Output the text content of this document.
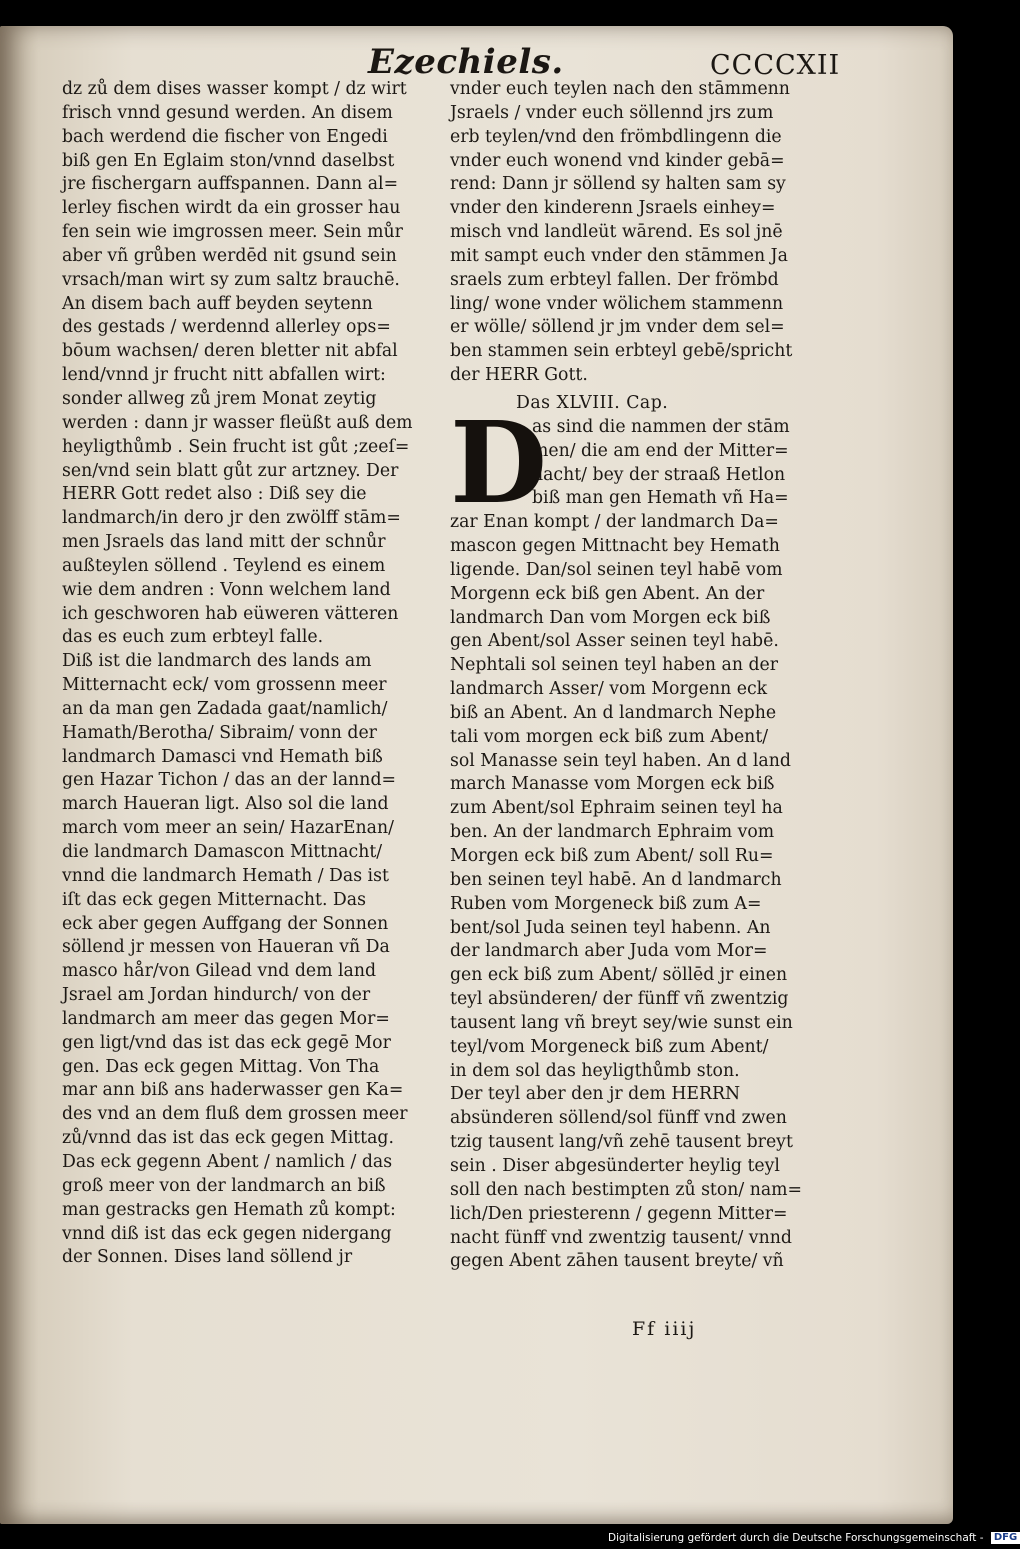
Ezechiels.	CCCCXII
dz zů dem dises wasser kompt / dz wirt
frisch vnnd gesund werden. An disem
bach werdend die fischer von Engedi
biß gen En Eglaim ston/vnnd daselbst
jre fischergarn auffspannen. Dann al=
lerley fischen wirdt da ein grosser hau
fen sein wie imgrossen meer. Sein můr
aber vñ grůben werdēd nit gsund sein
vrsach/man wirt sy zum saltz brauchē.
An disem bach auff beyden seytenn
des gestads / werdennd allerley ops=
bōum wachsen/ deren bletter nit abfal
lend/vnnd jr frucht nitt abfallen wirt:
sonder allweg zů jrem Monat zeytig
werden : dann jr wasser fleüßt auß dem
heyligthůmb . Sein frucht ist gůt ;zeeſ=
sen/vnd sein blatt gůt zur artzney. Der
HERR Gott redet also : Diß sey die
landmarch/in dero jr den zwölff stām=
men Jsraels das land mitt der schnůr
außteylen söllend . Teylend es einem
wie dem andren : Vonn welchem land
ich geschworen hab eüweren vätteren
das es euch zum erbteyl falle.
Diß ist die landmarch des lands am
Mitternacht eck/ vom grossenn meer
an da man gen Zadada gaat/namlich/
Hamath/Berotha/ Sibraim/ vonn der
landmarch Damasci vnd Hemath biß
gen Hazar Tichon / das an der lannd=
march Haueran ligt. Also sol die land
march vom meer an sein/ HazarEnan/
die landmarch Damascon Mittnacht/
vnnd die landmarch Hemath / Das ist
iſt das eck gegen Mitternacht. Das
eck aber gegen Auffgang der Sonnen
söllend jr messen von Haueran vñ Da
masco hår/von Gilead vnd dem land
Jsrael am Jordan hindurch/ von der
landmarch am meer das gegen Mor=
gen ligt/vnd das ist das eck gegē Mor
gen. Das eck gegen Mittag. Von Tha
mar ann biß ans haderwasser gen Ka=
des vnd an dem fluß dem grossen meer
zů/vnnd das ist das eck gegen Mittag.
Das eck gegenn Abent / namlich / das
groß meer von der landmarch an biß
man gestracks gen Hemath zů kompt:
vnnd diß ist das eck gegen nidergang
der Sonnen. Dises land söllend jr
vnder euch teylen nach den stāmmenn
Jsraels / vnder euch söllennd jrs zum
erb teylen/vnd den frömbdlingenn die
vnder euch wonend vnd kinder gebā=
rend: Dann jr söllend sy halten sam sy
vnder den kinderenn Jsraels einhey=
misch vnd landleüt wārend. Es sol jnē
mit sampt euch vnder den stāmmen Ja
sraels zum erbteyl fallen. Der frömbd
ling/ wone vnder wölichem stammenn
er wölle/ söllend jr jm vnder dem sel=
ben stammen sein erbteyl gebē/spricht
der HERR Gott.
Das XLVIII. Cap.
D
as sind die nammen der stām
men/ die am end der Mitter=
nacht/ bey der straaß Hetlon
biß man gen Hemath vñ Ha=
zar Enan kompt / der landmarch Da=
mascon gegen Mittnacht bey Hemath
ligende. Dan/sol seinen teyl habē vom
Morgenn eck biß gen Abent. An der
landmarch Dan vom Morgen eck biß
gen Abent/sol Asser seinen teyl habē.
Nephtali sol seinen teyl haben an der
landmarch Asser/ vom Morgenn eck
biß an Abent. An d landmarch Nephe
tali vom morgen eck biß zum Abent/
sol Manasse sein teyl haben. An d land
march Manasse vom Morgen eck biß
zum Abent/sol Ephraim seinen teyl ha
ben. An der landmarch Ephraim vom
Morgen eck biß zum Abent/ soll Ru=
ben seinen teyl habē. An d landmarch
Ruben vom Morgeneck biß zum A=
bent/sol Juda seinen teyl habenn. An
der landmarch aber Juda vom Mor=
gen eck biß zum Abent/ söllēd jr einen
teyl absünderen/ der fünff vñ zwentzig
tausent lang vñ breyt sey/wie sunst ein
teyl/vom Morgeneck biß zum Abent/
in dem sol das heyligthůmb ston.
Der teyl aber den jr dem HERRN
absünderen söllend/sol fünff vnd zwen
tzig tausent lang/vñ zehē tausent breyt
sein . Diser abgesünderter heylig teyl
soll den nach bestimpten zů ston/ nam=
lich/Den priesterenn / gegenn Mitter=
nacht fünff vnd zwentzig tausent/ vnnd
gegen Abent zāhen tausent breyte/ vñ
Ff iiij
Digitalisierung gefördert durch die Deutsche Forschungsgemeinschaft - DFG
